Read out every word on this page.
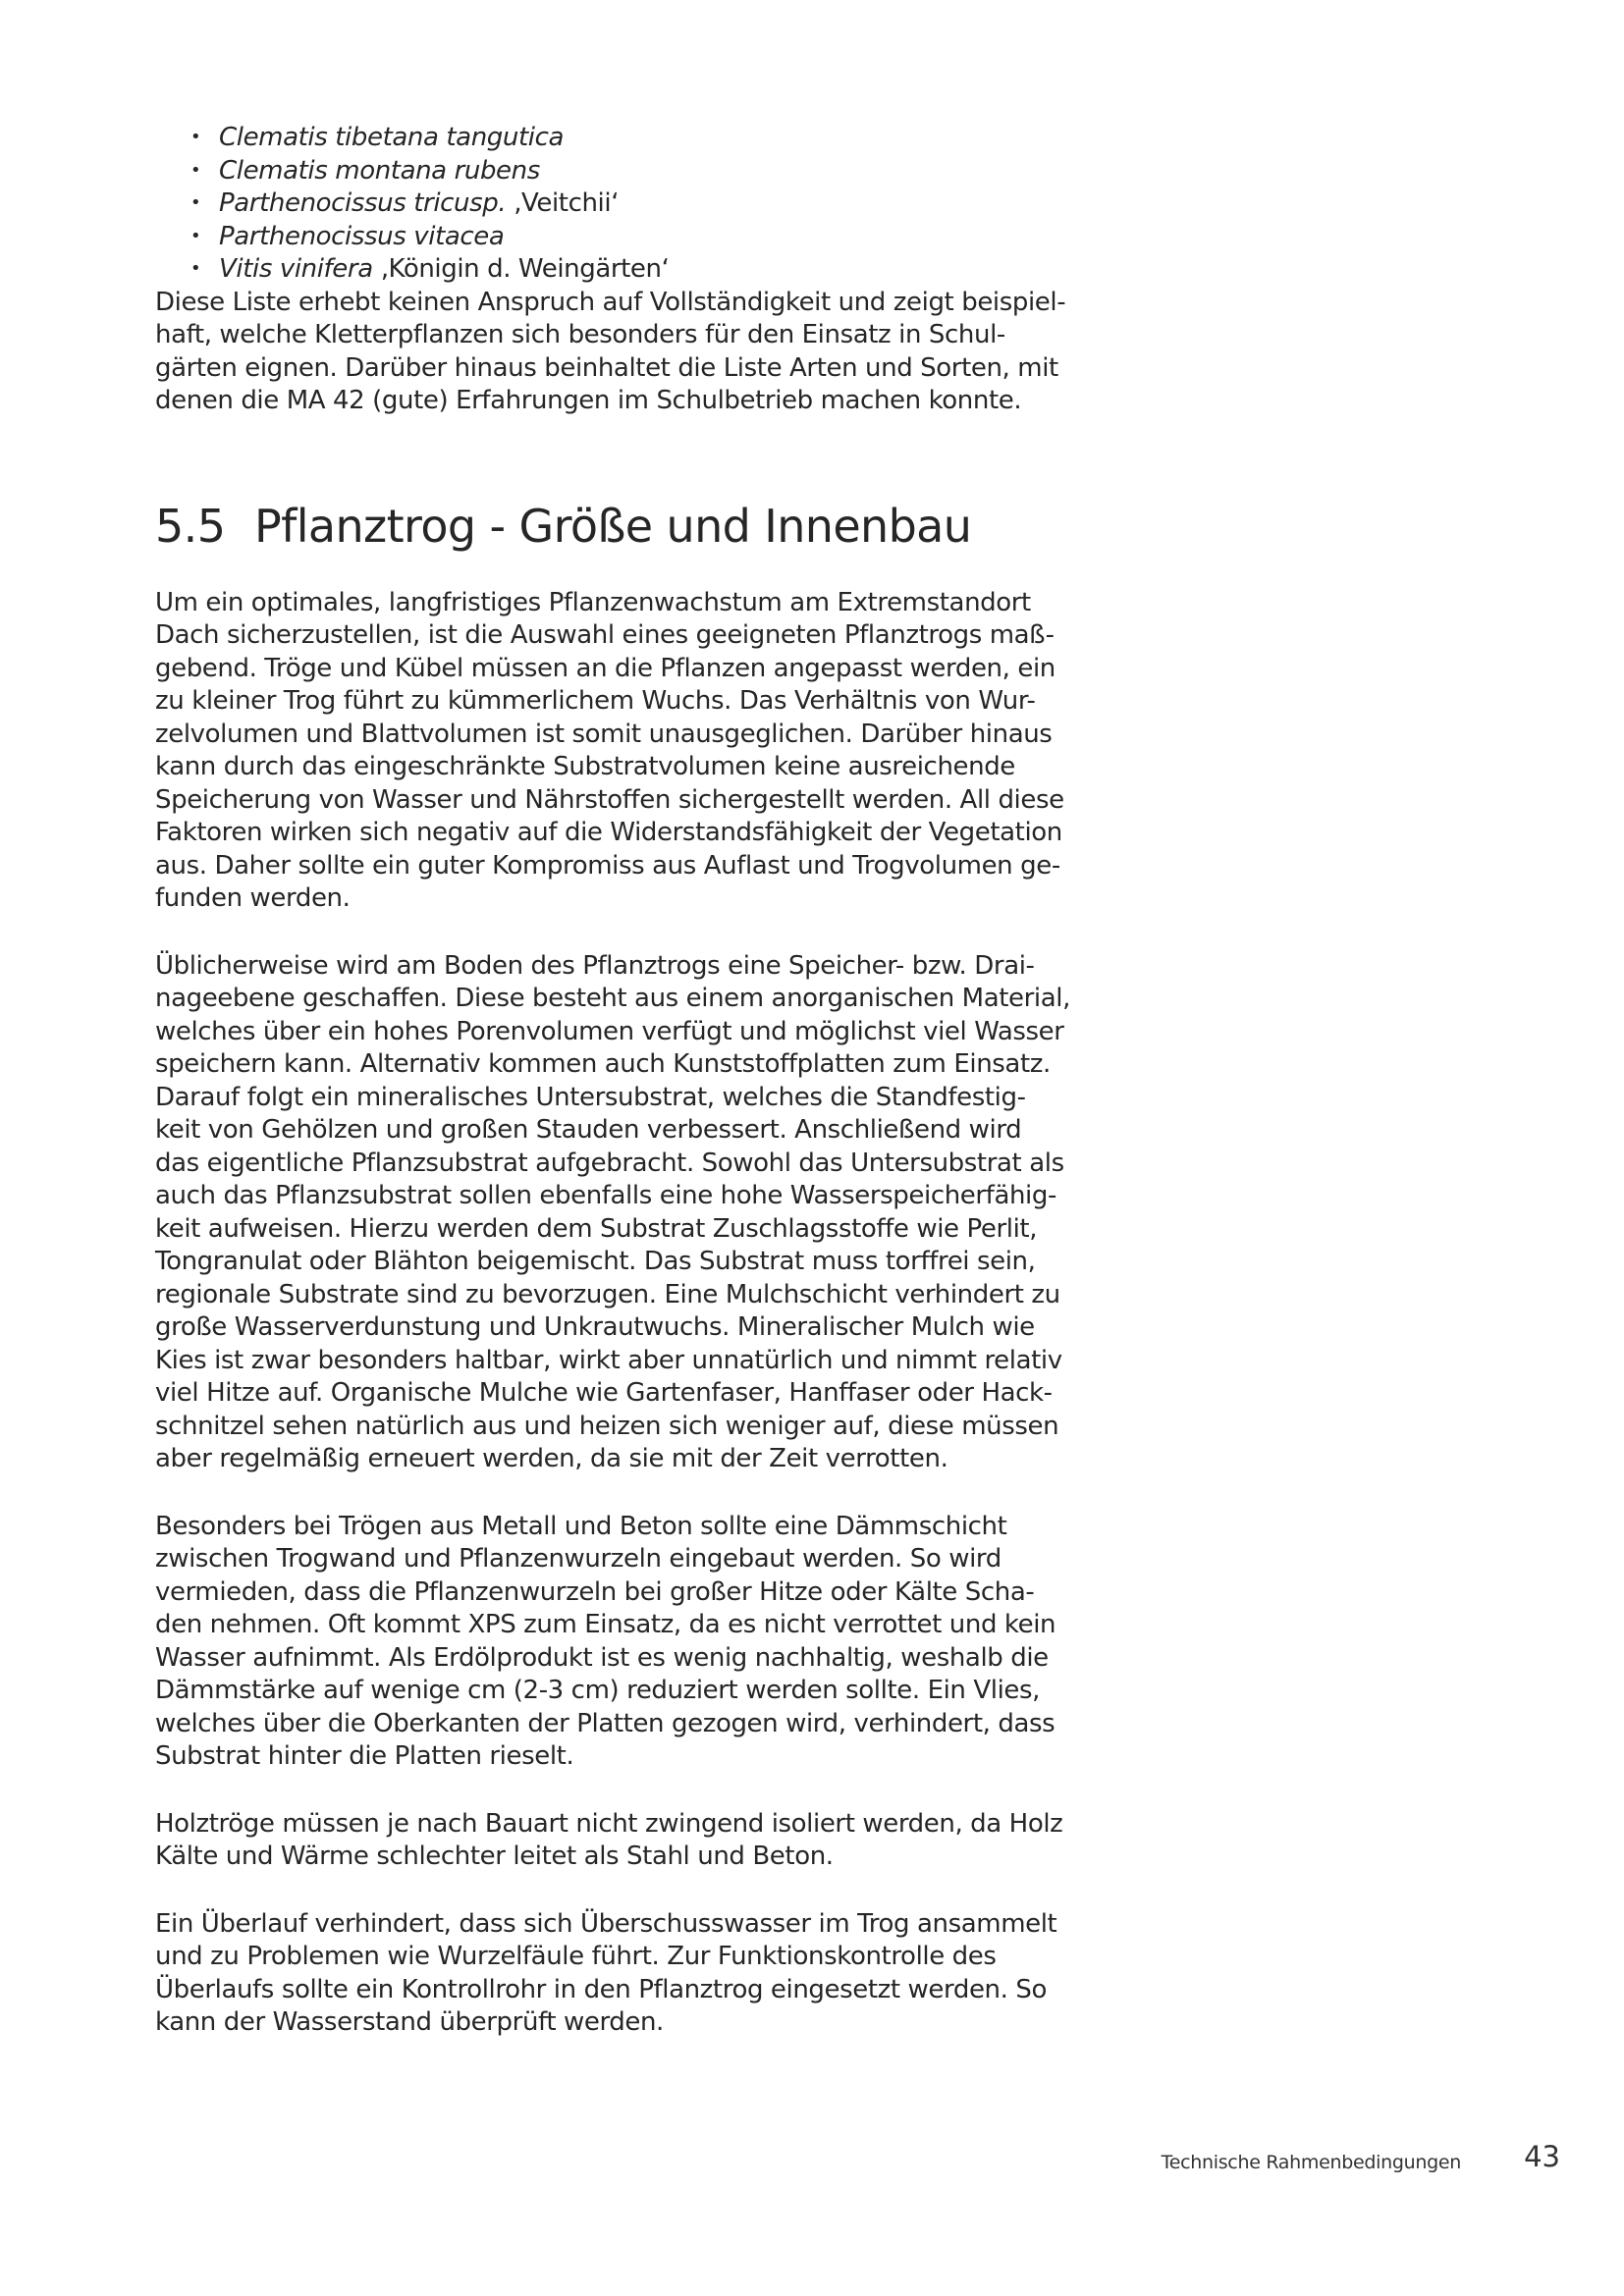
• Clematis tibetana tangutica
• Clematis montana rubens
• Parthenocissus tricusp. ‚Veitchii‘
• Parthenocissus vitacea
• Vitis vinifera ‚Königin d. Weingärten‘

Diese Liste erhebt keinen Anspruch auf Vollständigkeit und zeigt beispiel-
haft, welche Kletterpflanzen sich besonders für den Einsatz in Schul-
gärten eignen. Darüber hinaus beinhaltet die Liste Arten und Sorten, mit
denen die MA 42 (gute) Erfahrungen im Schulbetrieb machen konnte.

5.5 Pflanztrog - Größe und Innenbau

Um ein optimales, langfristiges Pflanzenwachstum am Extremstandort
Dach sicherzustellen, ist die Auswahl eines geeigneten Pflanztrogs maß-
gebend. Tröge und Kübel müssen an die Pflanzen angepasst werden, ein
zu kleiner Trog führt zu kümmerlichem Wuchs. Das Verhältnis von Wur-
zelvolumen und Blattvolumen ist somit unausgeglichen. Darüber hinaus
kann durch das eingeschränkte Substratvolumen keine ausreichende
Speicherung von Wasser und Nährstoffen sichergestellt werden. All diese
Faktoren wirken sich negativ auf die Widerstandsfähigkeit der Vegetation
aus. Daher sollte ein guter Kompromiss aus Auflast und Trogvolumen ge-
funden werden.

Üblicherweise wird am Boden des Pflanztrogs eine Speicher- bzw. Drai-
nageebene geschaffen. Diese besteht aus einem anorganischen Material,
welches über ein hohes Porenvolumen verfügt und möglichst viel Wasser
speichern kann. Alternativ kommen auch Kunststoffplatten zum Einsatz.
Darauf folgt ein mineralisches Untersubstrat, welches die Standfestig-
keit von Gehölzen und großen Stauden verbessert. Anschließend wird
das eigentliche Pflanzsubstrat aufgebracht. Sowohl das Untersubstrat als
auch das Pflanzsubstrat sollen ebenfalls eine hohe Wasserspeicherfähig-
keit aufweisen. Hierzu werden dem Substrat Zuschlagsstoffe wie Perlit,
Tongranulat oder Blähton beigemischt. Das Substrat muss torffrei sein,
regionale Substrate sind zu bevorzugen. Eine Mulchschicht verhindert zu
große Wasserverdunstung und Unkrautwuchs. Mineralischer Mulch wie
Kies ist zwar besonders haltbar, wirkt aber unnatürlich und nimmt relativ
viel Hitze auf. Organische Mulche wie Gartenfaser, Hanffaser oder Hack-
schnitzel sehen natürlich aus und heizen sich weniger auf, diese müssen
aber regelmäßig erneuert werden, da sie mit der Zeit verrotten.

Besonders bei Trögen aus Metall und Beton sollte eine Dämmschicht
zwischen Trogwand und Pflanzenwurzeln eingebaut werden. So wird
vermieden, dass die Pflanzenwurzeln bei großer Hitze oder Kälte Scha-
den nehmen. Oft kommt XPS zum Einsatz, da es nicht verrottet und kein
Wasser aufnimmt. Als Erdölprodukt ist es wenig nachhaltig, weshalb die
Dämmstärke auf wenige cm (2-3 cm) reduziert werden sollte. Ein Vlies,
welches über die Oberkanten der Platten gezogen wird, verhindert, dass
Substrat hinter die Platten rieselt.

Holztröge müssen je nach Bauart nicht zwingend isoliert werden, da Holz
Kälte und Wärme schlechter leitet als Stahl und Beton.

Ein Überlauf verhindert, dass sich Überschusswasser im Trog ansammelt
und zu Problemen wie Wurzelfäule führt. Zur Funktionskontrolle des
Überlaufs sollte ein Kontrollrohr in den Pflanztrog eingesetzt werden. So
kann der Wasserstand überprüft werden.

Technische Rahmenbedingungen 43
